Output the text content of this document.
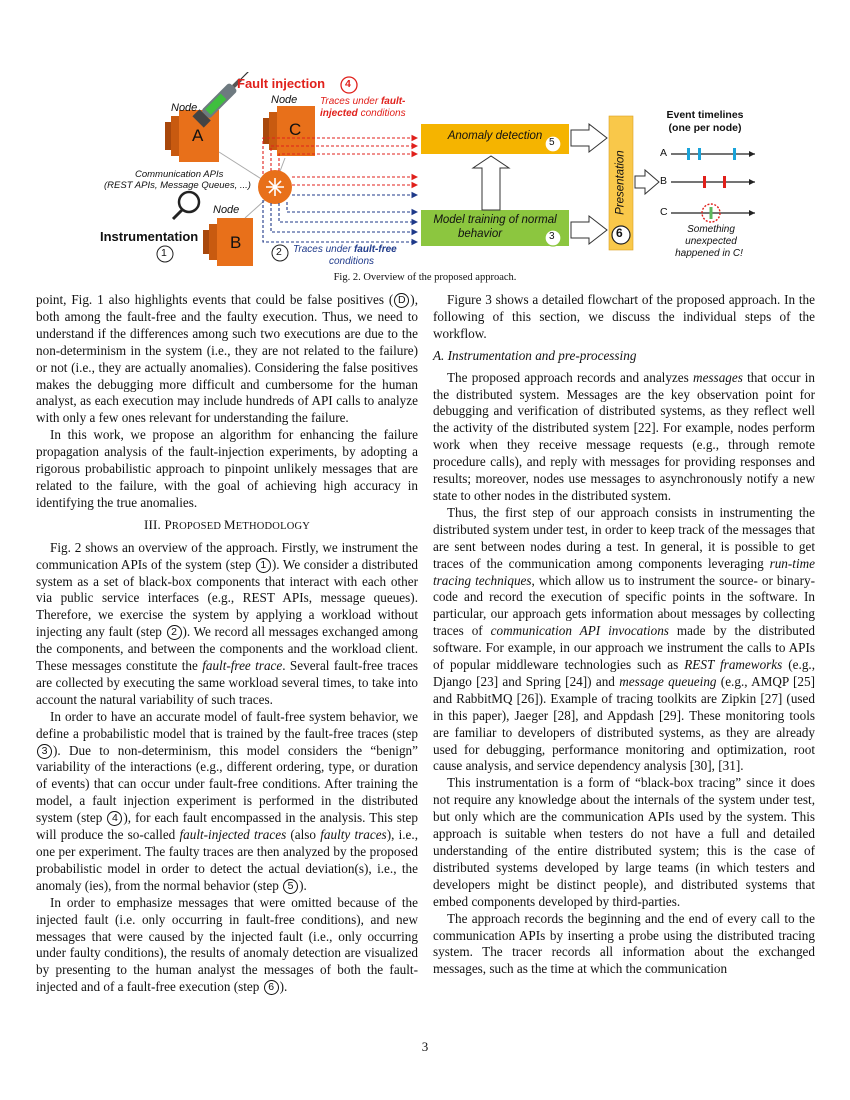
Fault injection 4
Node
A
Node
C
Node
B
Communication APIs
(REST APIs, Message Queues, ...)
Instrumentation
1
Traces under fault-
injected conditions
2 Traces under fault-free
conditions
Anomaly detection
5
Model training of normal
behavior	3
Presentation
6
Event timelines
(one per node)
A
B
C
Something
unexpected
happened in C!
Fig. 2. Overview of the proposed approach.

point, Fig. 1 also highlights events that could be false positives ( D ), both among the fault-free and the faulty execution. Thus, we need to understand if the differences among such two executions are due to the non-determinism in the system (i.e., they are not related to the failure) or not (i.e., they are actually anomalies). Considering the false positives makes the debugging more difficult and cumbersome for the human analyst, as each execution may include hundreds of API calls to analyze with only a few ones relevant for understanding the failure.

In this work, we propose an algorithm for enhancing the failure propagation analysis of the fault-injection experiments, by adopting a rigorous probabilistic approach to pinpoint unlikely messages that are related to the failure, with the goal of achieving high accuracy in identifying the true anomalies.

III. PROPOSED METHODOLOGY

Fig. 2 shows an overview of the approach. Firstly, we instrument the communication APIs of the system (step 1 ). We consider a distributed system as a set of black-box components that interact with each other via public service interfaces (e.g., REST APIs, message queues). Therefore, we exercise the system by applying a workload without injecting any fault (step 2 ). We record all messages exchanged among the components, and between the components and the workload client. These messages constitute the fault-free trace. Several fault-free traces are collected by executing the same workload several times, to take into account the natural variability of such traces.

In order to have an accurate model of fault-free system behavior, we define a probabilistic model that is trained by the fault-free traces (step 3 ). Due to non-determinism, this model considers the “benign” variability of the interactions (e.g., different ordering, type, or duration of events) that can occur under fault-free conditions. After training the model, a fault injection experiment is performed in the distributed system (step 4 ), for each fault encompassed in the analysis. This step will produce the so-called fault-injected traces (also faulty traces), i.e., one per experiment. The faulty traces are then analyzed by the proposed probabilistic model in order to detect the actual deviation(s), i.e., the anomaly (ies), from the normal behavior (step 5 ).

In order to emphasize messages that were omitted because of the injected fault (i.e. only occurring in fault-free conditions), and new messages that were caused by the injected fault (i.e., only occurring under faulty conditions), the results of anomaly detection are visualized by presenting to the human analyst the messages of both the fault-injected and of a fault-free execution (step 6 ).

Figure 3 shows a detailed flowchart of the proposed approach. In the following of this section, we discuss the individual steps of the workflow.

A. Instrumentation and pre-processing

The proposed approach records and analyzes messages that occur in the distributed system. Messages are the key observation point for debugging and verification of distributed systems, as they reflect well the activity of the distributed system [22]. For example, nodes perform work when they receive message requests (e.g., through remote procedure calls), and reply with messages for providing responses and results; moreover, nodes use messages to asynchronously notify a new state to other nodes in the distributed system.

Thus, the first step of our approach consists in instrumenting the distributed system under test, in order to keep track of the messages that are sent between nodes during a test. In general, it is possible to get traces of the communication among components leveraging run-time tracing techniques, which allow us to instrument the source- or binary-code and record the execution of specific points in the software. In particular, our approach gets information about messages by collecting traces of communication API invocations made by the distributed software. For example, in our approach we instrument the calls to APIs of popular middleware technologies such as REST frameworks (e.g., Django [23] and Spring [24]) and message queueing (e.g., AMQP [25] and RabbitMQ [26]). Example of tracing toolkits are Zipkin [27] (used in this paper), Jaeger [28], and Appdash [29]. These monitoring tools are familiar to developers of distributed systems, as they are already used for debugging, performance monitoring and optimization, root cause analysis, and service dependency analysis [30], [31].

This instrumentation is a form of “black-box tracing” since it does not require any knowledge about the internals of the system under test, but only which are the communication APIs used by the system. This approach is suitable when testers do not have a full and detailed understanding of the entire distributed system; this is the case of distributed systems developed by large teams (in which testers and developers might be distinct people), and distributed systems that embed components developed by third-parties.

The approach records the beginning and the end of every call to the communication APIs by inserting a probe using the distributed tracing system. The tracer records all information about the exchanged messages, such as the time at which the communication

3
